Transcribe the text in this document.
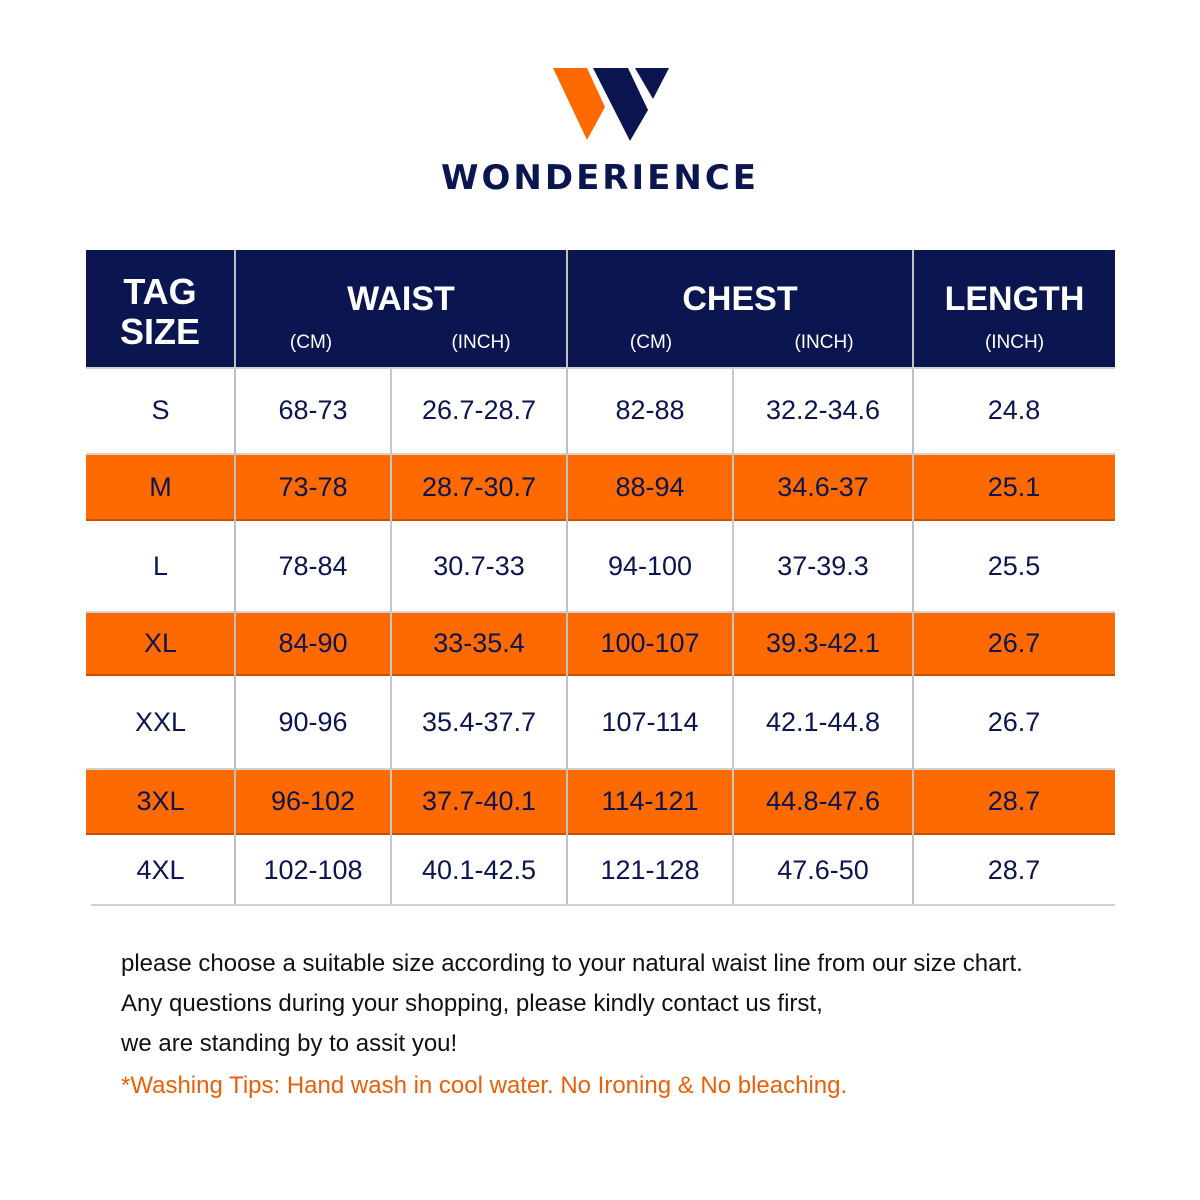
WONDERIENCE
TAG
SIZE
WAIST
(CM)	(INCH)
CHEST
(CM)	(INCH)
LENGTH
(INCH)
S	68-73	26.7-28.7	82-88	32.2-34.6	24.8
M	73-78	28.7-30.7	88-94	34.6-37	25.1
L	78-84	30.7-33	94-100	37-39.3	25.5
XL	84-90	33-35.4	100-107	39.3-42.1	26.7
XXL	90-96	35.4-37.7	107-114	42.1-44.8	26.7
3XL	96-102	37.7-40.1	114-121	44.8-47.6	28.7
4XL	102-108	40.1-42.5	121-128	47.6-50	28.7
please choose a suitable size according to your natural waist line from our size chart.
Any questions during your shopping, please kindly contact us first,
we are standing by to assit you!
*Washing Tips: Hand wash in cool water. No Ironing & No bleaching.
